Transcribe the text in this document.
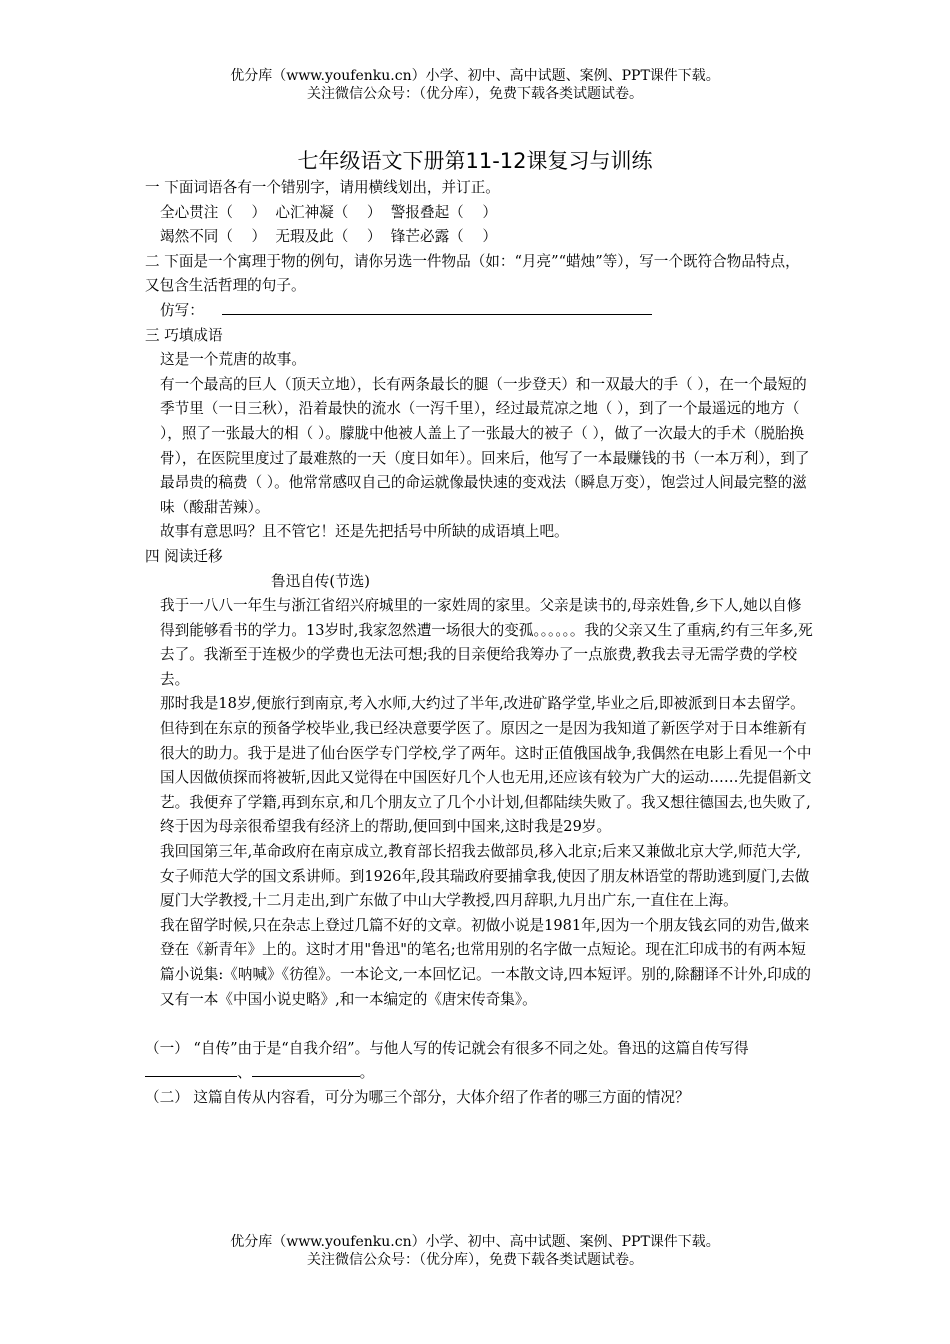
优分库（www.youfenku.cn）小学、初中、高中试题、案例、PPT课件下载。
关注微信公众号：（优分库），免费下载各类试题试卷。
七年级语文下册第11-12课复习与训练

一 下面词语各有一个错别字，请用横线划出，并订正。

全心贯注（    ）  心汇神凝（    ）  警报叠起（    ）

竭然不同（    ）  无瑕及此（    ）  锋芒必露（    ）

二 下面是一个寓理于物的例句，请你另选一件物品（如：“月亮”“蜡烛”等），写一个既符合物品特点，又包含生活哲理的句子。

仿写：

三 巧填成语

这是一个荒唐的故事。

有一个最高的巨人（顶天立地），长有两条最长的腿（一步登天）和一双最大的手（ ），在一个最短的季节里（一日三秋），沿着最快的流水（一泻千里），经过最荒凉之地（ ），到了一个最遥远的地方（ ），照了一张最大的相（ ）。朦胧中他被人盖上了一张最大的被子（ ），做了一次最大的手术（脱胎换骨），在医院里度过了最难熬的一天（度日如年）。回来后，他写了一本最赚钱的书（一本万利），到了最昂贵的稿费（ ）。他常常感叹自己的命运就像最快速的变戏法（瞬息万变），饱尝过人间最完整的滋味（酸甜苦辣）。

故事有意思吗？且不管它！还是先把括号中所缺的成语填上吧。

四 阅读迁移

鲁迅自传(节选)

我于一八八一年生与浙江省绍兴府城里的一家姓周的家里。父亲是读书的,母亲姓鲁,乡下人,她以自修得到能够看书的学力。13岁时,我家忽然遭一场很大的变孤。。。。。。我的父亲又生了重病,约有三年多,死去了。我渐至于连极少的学费也无法可想;我的目亲便给我筹办了一点旅费,教我去寻无需学费的学校去。

那时我是18岁,便旅行到南京,考入水师,大约过了半年,改进矿路学堂,毕业之后,即被派到日本去留学。但待到在东京的预备学校毕业,我已经决意要学医了。原因之一是因为我知道了新医学对于日本维新有很大的助力。我于是进了仙台医学专门学校,学了两年。这时正值俄国战争,我偶然在电影上看见一个中国人因做侦探而将被斩,因此又觉得在中国医好几个人也无用,还应该有较为广大的运动……先提倡新文艺。我便弃了学籍,再到东京,和几个朋友立了几个小计划,但都陆续失败了。我又想往德国去,也失败了,终于因为母亲很希望我有经济上的帮助,便回到中国来,这时我是29岁。

我回国第三年,革命政府在南京成立,教育部长招我去做部员,移入北京;后来又兼做北京大学,师范大学,女子师范大学的国文系讲师。到1926年,段其瑞政府要捕拿我,使因了朋友林语堂的帮助逃到厦门,去做厦门大学教授,十二月走出,到广东做了中山大学教授,四月辞职,九月出广东,一直住在上海。

我在留学时候,只在杂志上登过几篇不好的文章。初做小说是1981年,因为一个朋友钱玄同的劝告,做来登在《新青年》上的。这时才用"鲁迅"的笔名;也常用别的名字做一点短论。现在汇印成书的有两本短篇小说集:《呐喊》《彷徨》。一本论文,一本回忆记。一本散文诗,四本短评。别的,除翻译不计外,印成的又有一本《中国小说史略》,和一本编定的《唐宋传奇集》。

（一） “自传”由于是“自我介绍”。与他人写的传记就会有很多不同之处。鲁迅的这篇自传写得、	。

（二） 这篇自传从内容看，可分为哪三个部分，大体介绍了作者的哪三方面的情况？

优分库（www.youfenku.cn）小学、初中、高中试题、案例、PPT课件下载。
关注微信公众号：（优分库），免费下载各类试题试卷。
